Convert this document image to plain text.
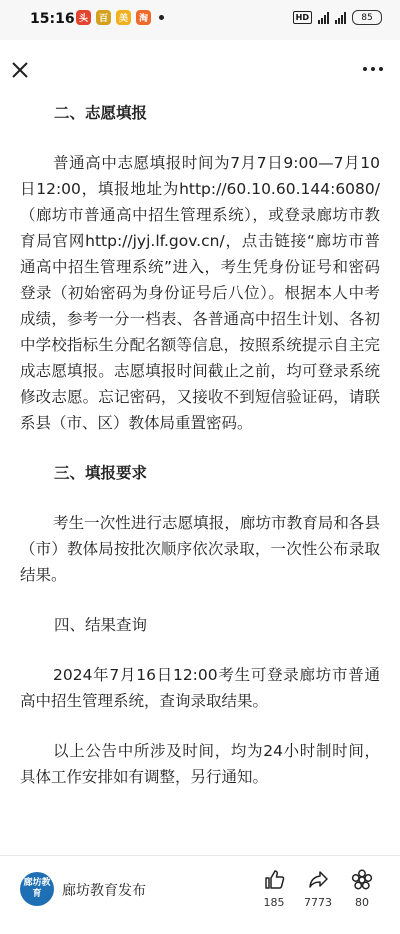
15:16 头	百	美	淘	HD	85

二、志愿填报

普通高中志愿填报时间为7月7日9:00—7月10日12:00，填报地址为http://60.10.60.144:6080/（廊坊市普通高中招生管理系统），或登录廊坊市教育局官网http://jyj.lf.gov.cn/，点击链接“廊坊市普通高中招生管理系统”进入，考生凭身份证号和密码登录（初始密码为身份证号后八位）。根据本人中考成绩，参考一分一档表、各普通高中招生计划、各初中学校指标生分配名额等信息，按照系统提示自主完成志愿填报。志愿填报时间截止之前，均可登录系统修改志愿。忘记密码，又接收不到短信验证码，请联系县（市、区）教体局重置密码。

三、填报要求

考生一次性进行志愿填报，廊坊市教育局和各县（市）教体局按批次顺序依次录取，一次性公布录取结果。

四、结果查询

2024年7月16日12:00考生可登录廊坊市普通高中招生管理系统，查询录取结果。

以上公告中所涉及时间，均为24小时制时间，具体工作安排如有调整，另行通知。

廊坊教育	廊坊教育发布
185	7773	80
